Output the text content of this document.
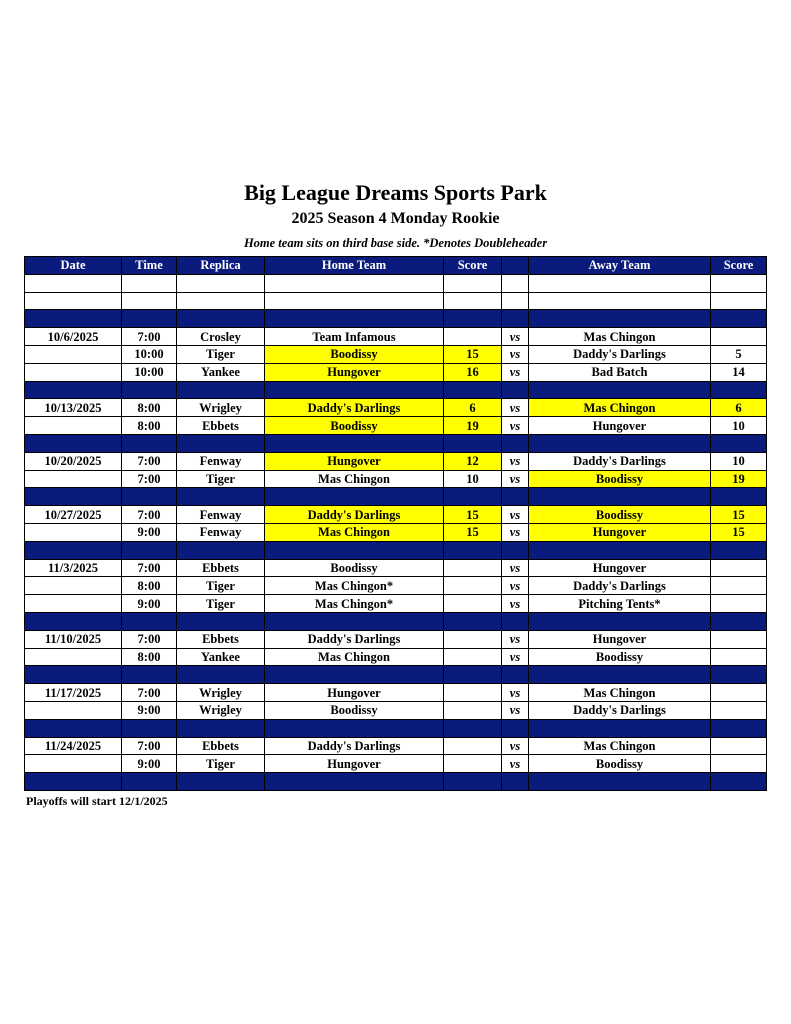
Big League Dreams Sports Park
2025 Season 4 Monday Rookie
Home team sits on third base side. *Denotes Doubleheader
Date	Time	Replica	Home Team	Score		Away Team	Score

10/6/2025	7:00	Crosley	Team Infamous		vs	Mas Chingon	
	10:00	Tiger	Boodissy	15	vs	Daddy's Darlings	5
	10:00	Yankee	Hungover	16	vs	Bad Batch	14

10/13/2025	8:00	Wrigley	Daddy's Darlings	6	vs	Mas Chingon	6
	8:00	Ebbets	Boodissy	19	vs	Hungover	10

10/20/2025	7:00	Fenway	Hungover	12	vs	Daddy's Darlings	10
	7:00	Tiger	Mas Chingon	10	vs	Boodissy	19

10/27/2025	7:00	Fenway	Daddy's Darlings	15	vs	Boodissy	15
	9:00	Fenway	Mas Chingon	15	vs	Hungover	15

11/3/2025	7:00	Ebbets	Boodissy		vs	Hungover	
	8:00	Tiger	Mas Chingon*		vs	Daddy's Darlings	
	9:00	Tiger	Mas Chingon*		vs	Pitching Tents*	

11/10/2025	7:00	Ebbets	Daddy's Darlings		vs	Hungover	
	8:00	Yankee	Mas Chingon		vs	Boodissy	

11/17/2025	7:00	Wrigley	Hungover		vs	Mas Chingon	
	9:00	Wrigley	Boodissy		vs	Daddy's Darlings	

11/24/2025	7:00	Ebbets	Daddy's Darlings		vs	Mas Chingon	
	9:00	Tiger	Hungover		vs	Boodissy	

Playoffs will start 12/1/2025
